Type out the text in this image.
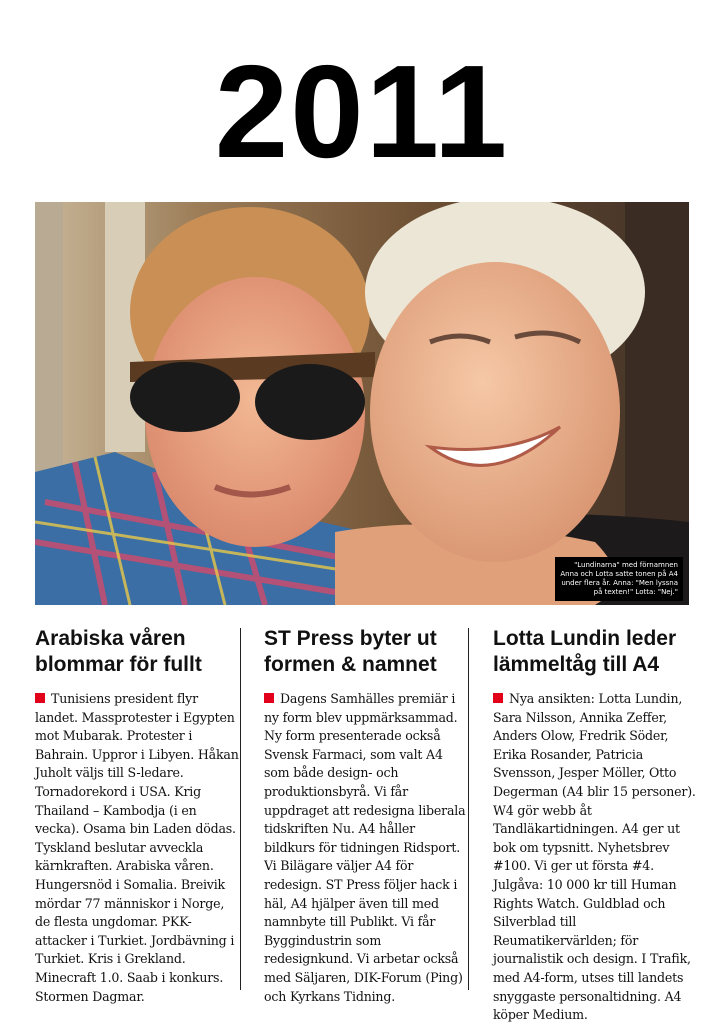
2011
"Lundinarna" med förnamnen Anna och Lotta satte tonen på A4 under flera år. Anna: "Men lyssna på texten!" Lotta: "Nej."
Arabiska våren blommar för fullt

Tunisiens president flyr landet. Massprotester i Egypten mot Mubarak. Protester i Bahrain. Uppror i Libyen. Håkan Juholt väljs till S-ledare. Tornadorekord i USA. Krig Thailand – Kambodja (i en vecka). Osama bin Laden dödas. Tyskland beslutar avveckla kärnkraften. Arabiska våren. Hungersnöd i Somalia. Breivik mördar 77 människor i Norge, de flesta ungdomar. PKK-attacker i Turkiet. Jordbävning i Turkiet. Kris i Grekland. Minecraft 1.0. Saab i konkurs. Stormen Dagmar.

ST Press byter ut formen & namnet

Dagens Samhälles premiär i ny form blev uppmärksammad. Ny form presenterade också Svensk Farmaci, som valt A4 som både design- och produktionsbyrå. Vi får uppdraget att redesigna liberala tidskriften Nu. A4 håller bildkurs för tidningen Ridsport. Vi Bilägare väljer A4 för redesign. ST Press följer hack i häl, A4 hjälper även till med namnbyte till Publikt. Vi får Byggindustrin som redesignkund. Vi arbetar också med Säljaren, DIK-Forum (Ping) och Kyrkans Tidning.

Lotta Lundin leder lämmeltåg till A4

Nya ansikten: Lotta Lundin, Sara Nilsson, Annika Zeffer, Anders Olow, Fredrik Söder, Erika Rosander, Patricia Svensson, Jesper Möller, Otto Degerman (A4 blir 15 personer). W4 gör webb åt Tandläkartidningen. A4 ger ut bok om typsnitt. Nyhetsbrev #100. Vi ger ut första #4. Julgåva: 10 000 kr till Human Rights Watch. Guldblad och Silverblad till Reumatikervärlden; för journalistik och design. I Trafik, med A4-form, utses till landets snyggaste personaltidning. A4 köper Medium.
